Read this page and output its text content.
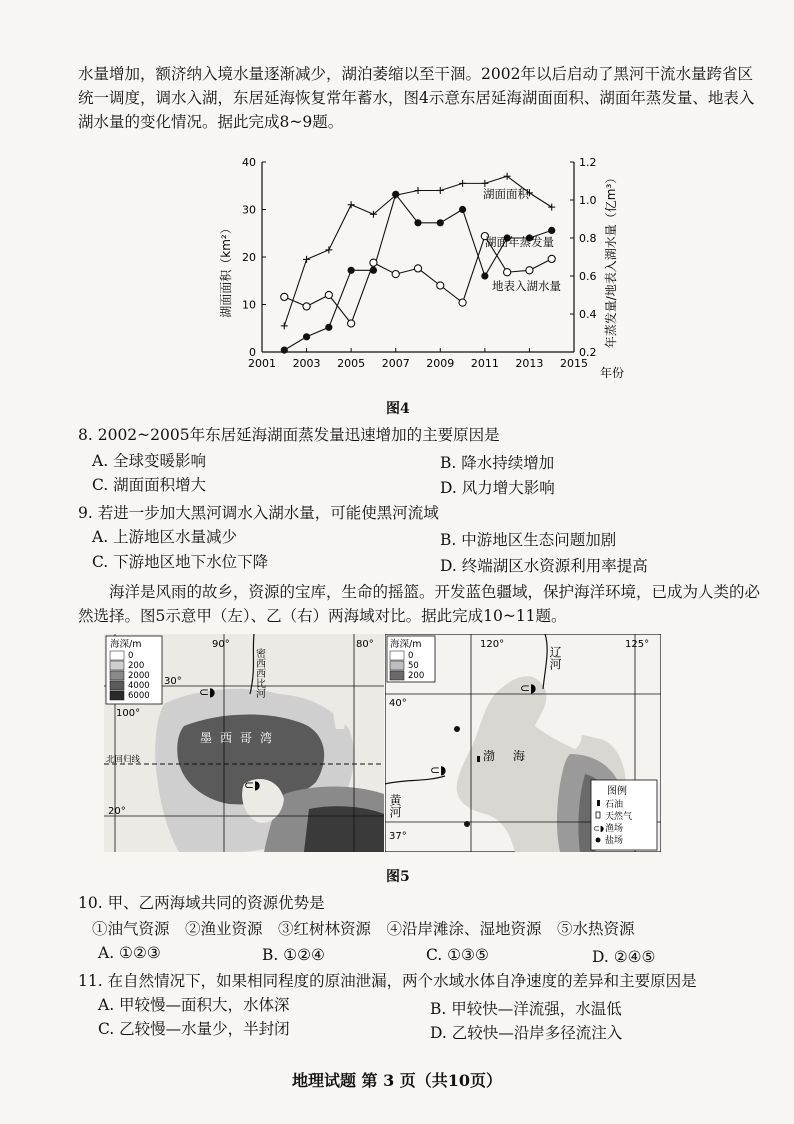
水量增加，额济纳入境水量逐渐减少，湖泊萎缩以至干涸。2002年以后启动了黑河干流水量跨省区统一调度，调水入湖，东居延海恢复常年蓄水，图4示意东居延海湖面面积、湖面年蒸发量、地表入湖水量的变化情况。据此完成8~9题。

2001 2003 2005 2007 2009 2011 2013 2015
0
10
20
30
40
0.2
0.4
0.6
0.8
1.0
1.2
湖面面积（km²）	年蒸发量/地表入湖水量（亿m³）
年份
湖面面积
湖面年蒸发量
地表入湖水量
图4
8. 2002~2005年东居延海湖面蒸发量迅速增加的主要原因是
A. 全球变暖影响	B. 降水持续增加
C. 湖面面积增大	D. 风力增大影响
9. 若进一步加大黑河调水入湖水量，可能使黑河流域
A. 上游地区水量减少	B. 中游地区生态问题加剧
C. 下游地区地下水位下降	D. 终端湖区水资源利用率提高

海洋是风雨的故乡，资源的宝库，生命的摇篮。开发蓝色疆域，保护海洋环境，已成为人类的必然选择。图5示意甲（左）、乙（右）两海域对比。据此完成10~11题。

海深/m
0
200
2000
4000
6000
90°	80°
30°
100°
20°
密西西比河
墨西哥湾
北回归线
⊂◗
⊂◗
海深/m
0
50
200
120°	125°
40°
37°
辽河
渤海
黄河
⊂◗
⊂◗
图例
石油
天然气
⊂◗ 渔场
盐场
图5
10. 甲、乙两海域共同的资源优势是
①油气资源　②渔业资源　③红树林资源　④沿岸滩涂、湿地资源　⑤水热资源
A. ①②③	B. ①②④	C. ①③⑤	D. ②④⑤
11. 在自然情况下，如果相同程度的原油泄漏，两个水域水体自净速度的差异和主要原因是
A. 甲较慢—面积大，水体深	B. 甲较快—洋流强，水温低
C. 乙较慢—水量少，半封闭	D. 乙较快—沿岸多径流注入
地理试题 第 3 页（共10页）
